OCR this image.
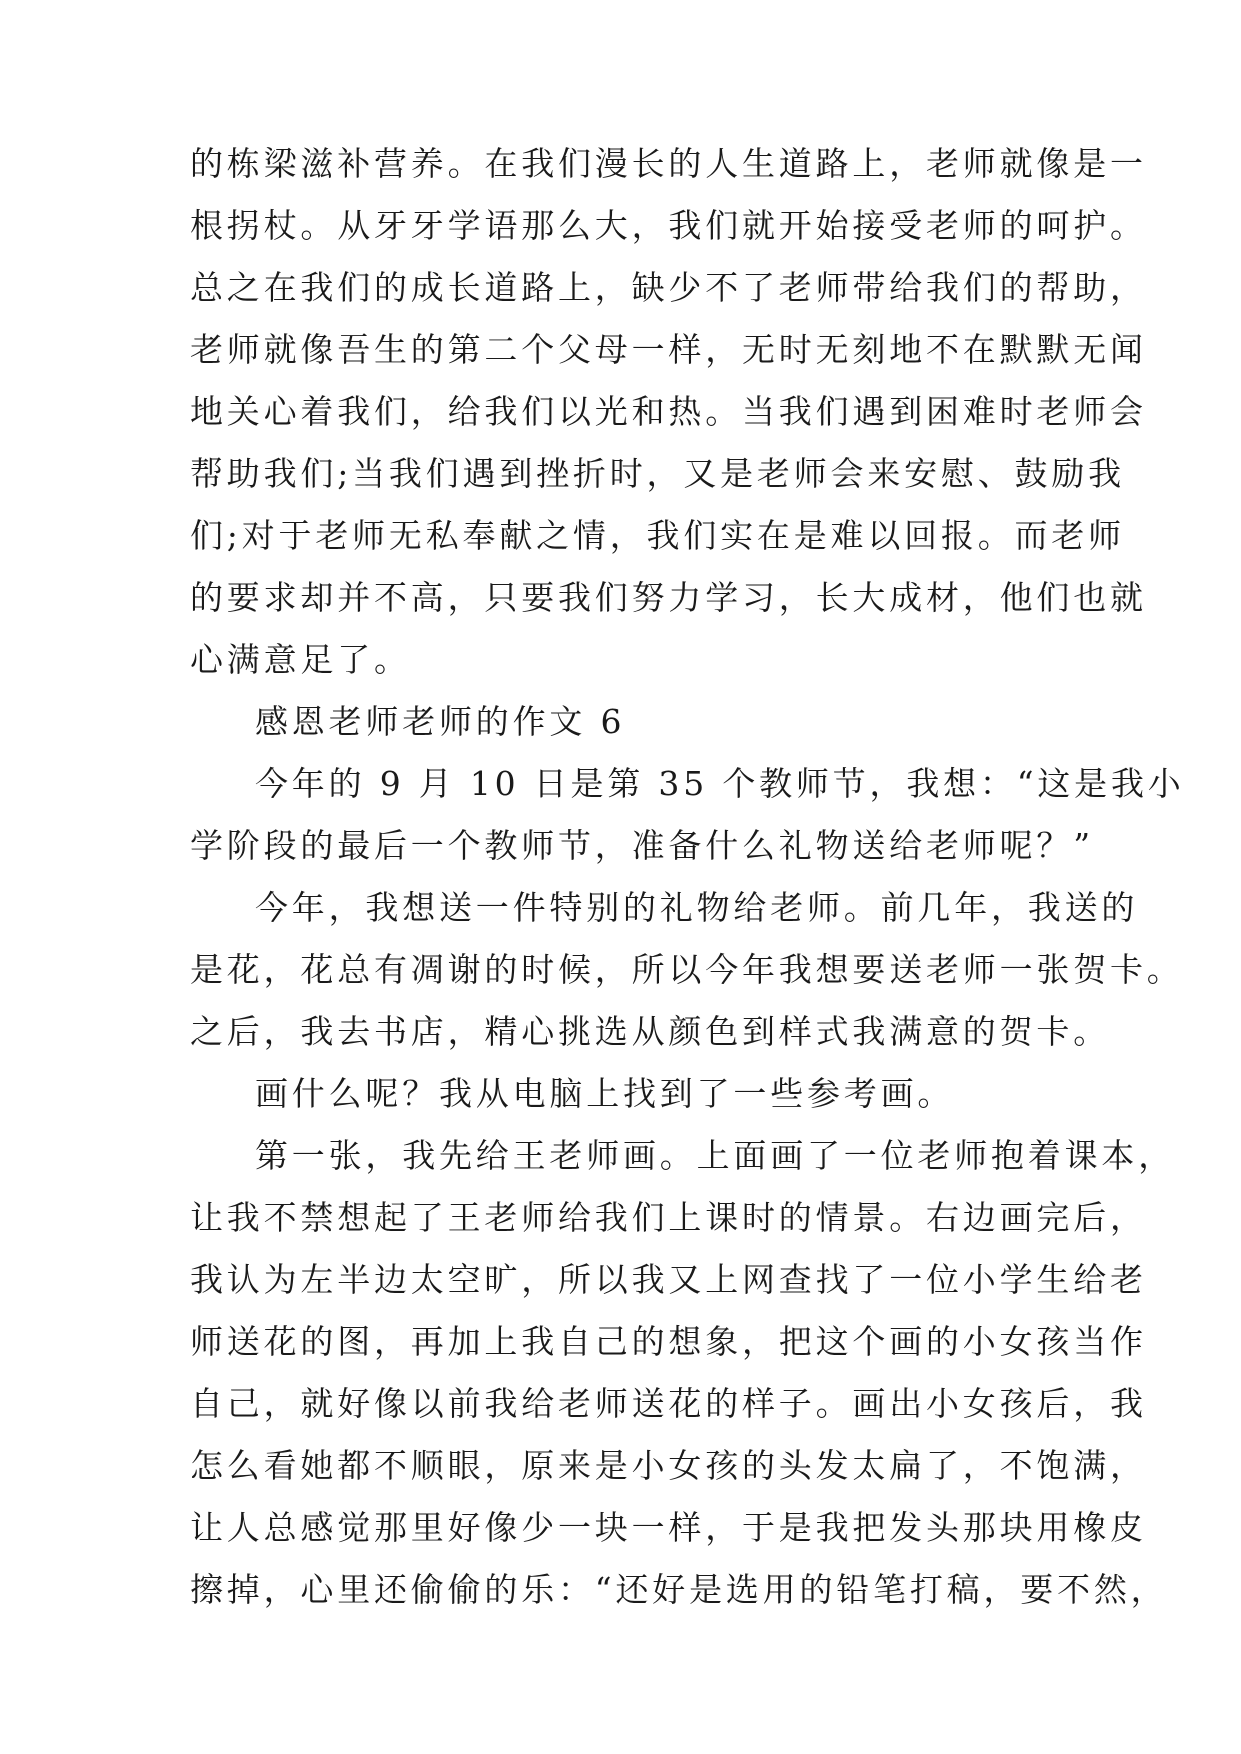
的栋梁滋补营养。在我们漫长的人生道路上，老师就像是一
根拐杖。从牙牙学语那么大，我们就开始接受老师的呵护。
总之在我们的成长道路上，缺少不了老师带给我们的帮助，
老师就像吾生的第二个父母一样，无时无刻地不在默默无闻
地关心着我们，给我们以光和热。当我们遇到困难时老师会
帮助我们;当我们遇到挫折时，又是老师会来安慰、鼓励我
们;对于老师无私奉献之情，我们实在是难以回报。而老师
的要求却并不高，只要我们努力学习，长大成材，他们也就
心满意足了。
感恩老师老师的作文 6
今年的 9 月 10 日是第 35 个教师节，我想：“这是我小
学阶段的最后一个教师节，准备什么礼物送给老师呢？”
今年，我想送一件特别的礼物给老师。前几年，我送的
是花，花总有凋谢的时候，所以今年我想要送老师一张贺卡。
之后，我去书店，精心挑选从颜色到样式我满意的贺卡。
画什么呢？我从电脑上找到了一些参考画。
第一张，我先给王老师画。上面画了一位老师抱着课本，
让我不禁想起了王老师给我们上课时的情景。右边画完后，
我认为左半边太空旷，所以我又上网查找了一位小学生给老
师送花的图，再加上我自己的想象，把这个画的小女孩当作
自己，就好像以前我给老师送花的样子。画出小女孩后，我
怎么看她都不顺眼，原来是小女孩的头发太扁了，不饱满，
让人总感觉那里好像少一块一样，于是我把发头那块用橡皮
擦掉，心里还偷偷的乐：“还好是选用的铅笔打稿，要不然，
